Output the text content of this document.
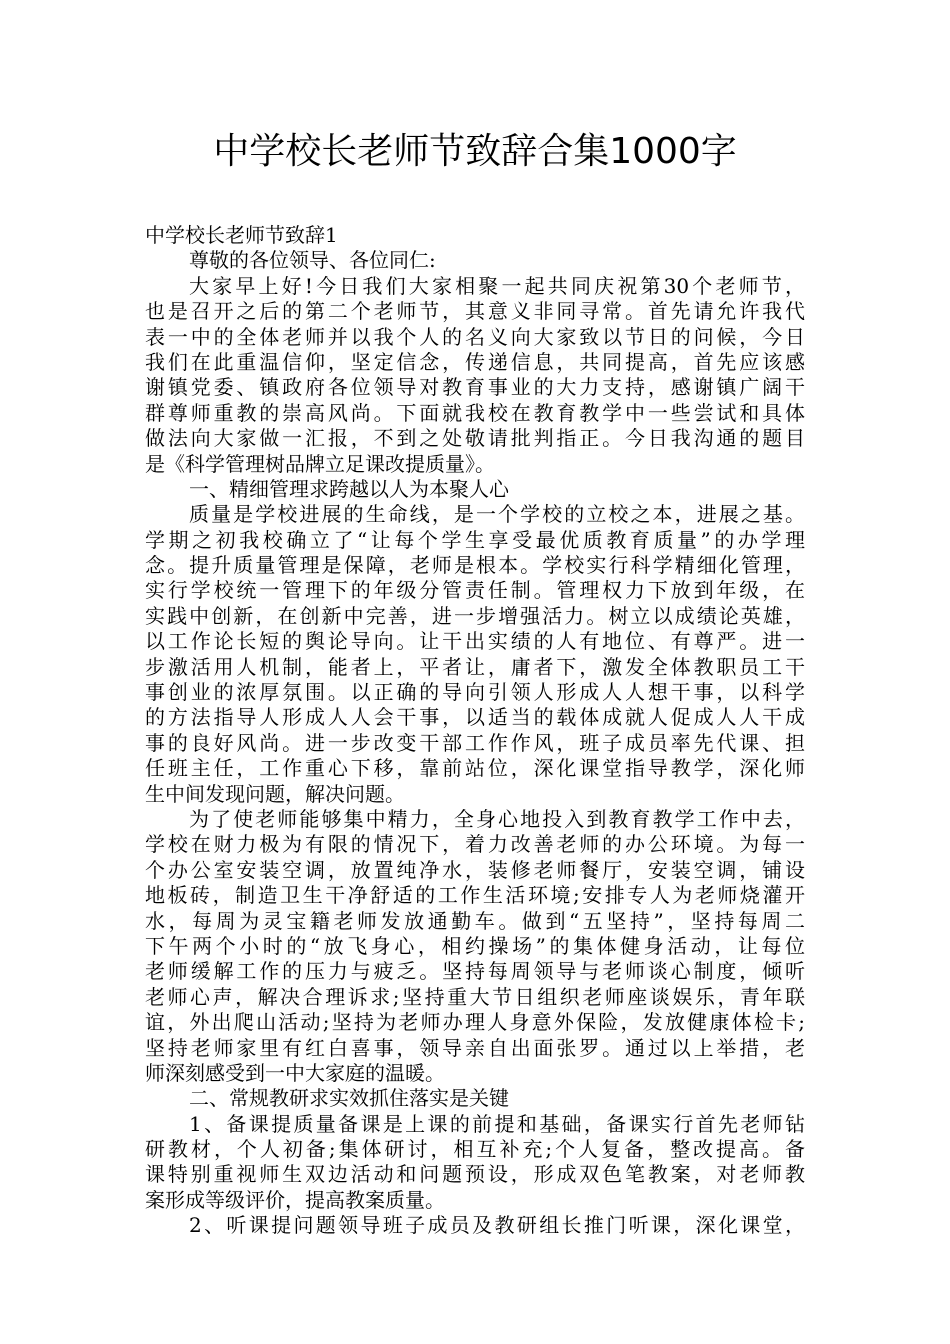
中学校长老师节致辞合集1000字

中学校长老师节致辞1

尊敬的各位领导、各位同仁:

大家早上好!今日我们大家相聚一起共同庆祝第30个老师节，

也是召开之后的第二个老师节，其意义非同寻常。首先请允许我代

表一中的全体老师并以我个人的名义向大家致以节日的问候，今日

我们在此重温信仰，坚定信念，传递信息，共同提高，首先应该感

谢镇党委、镇政府各位领导对教育事业的大力支持，感谢镇广阔干

群尊师重教的崇高风尚。下面就我校在教育教学中一些尝试和具体

做法向大家做一汇报，不到之处敬请批判指正。今日我沟通的题目

是《科学管理树品牌立足课改提质量》。

一、精细管理求跨越以人为本聚人心

质量是学校进展的生命线，是一个学校的立校之本，进展之基。

学期之初我校确立了“让每个学生享受最优质教育质量”的办学理

念。提升质量管理是保障，老师是根本。学校实行科学精细化管理，

实行学校统一管理下的年级分管责任制。管理权力下放到年级，在

实践中创新，在创新中完善，进一步增强活力。树立以成绩论英雄，

以工作论长短的舆论导向。让干出实绩的人有地位、有尊严。进一

步激活用人机制，能者上，平者让，庸者下，激发全体教职员工干

事创业的浓厚氛围。以正确的导向引领人形成人人想干事，以科学

的方法指导人形成人人会干事，以适当的载体成就人促成人人干成

事的良好风尚。进一步改变干部工作作风，班子成员率先代课、担

任班主任，工作重心下移，靠前站位，深化课堂指导教学，深化师

生中间发现问题，解决问题。

为了使老师能够集中精力，全身心地投入到教育教学工作中去，

学校在财力极为有限的情况下，着力改善老师的办公环境。为每一

个办公室安装空调，放置纯净水，装修老师餐厅，安装空调，铺设

地板砖，制造卫生干净舒适的工作生活环境;安排专人为老师烧灌开

水，每周为灵宝籍老师发放通勤车。做到“五坚持”，坚持每周二

下午两个小时的“放飞身心，相约操场”的集体健身活动，让每位

老师缓解工作的压力与疲乏。坚持每周领导与老师谈心制度，倾听

老师心声，解决合理诉求;坚持重大节日组织老师座谈娱乐，青年联

谊，外出爬山活动;坚持为老师办理人身意外保险，发放健康体检卡;

坚持老师家里有红白喜事，领导亲自出面张罗。通过以上举措，老

师深刻感受到一中大家庭的温暖。

二、常规教研求实效抓住落实是关键

1、备课提质量备课是上课的前提和基础，备课实行首先老师钻

研教材，个人初备;集体研讨，相互补充;个人复备，整改提高。备

课特别重视师生双边活动和问题预设，形成双色笔教案，对老师教

案形成等级评价，提高教案质量。

2、听课提问题领导班子成员及教研组长推门听课，深化课堂，
